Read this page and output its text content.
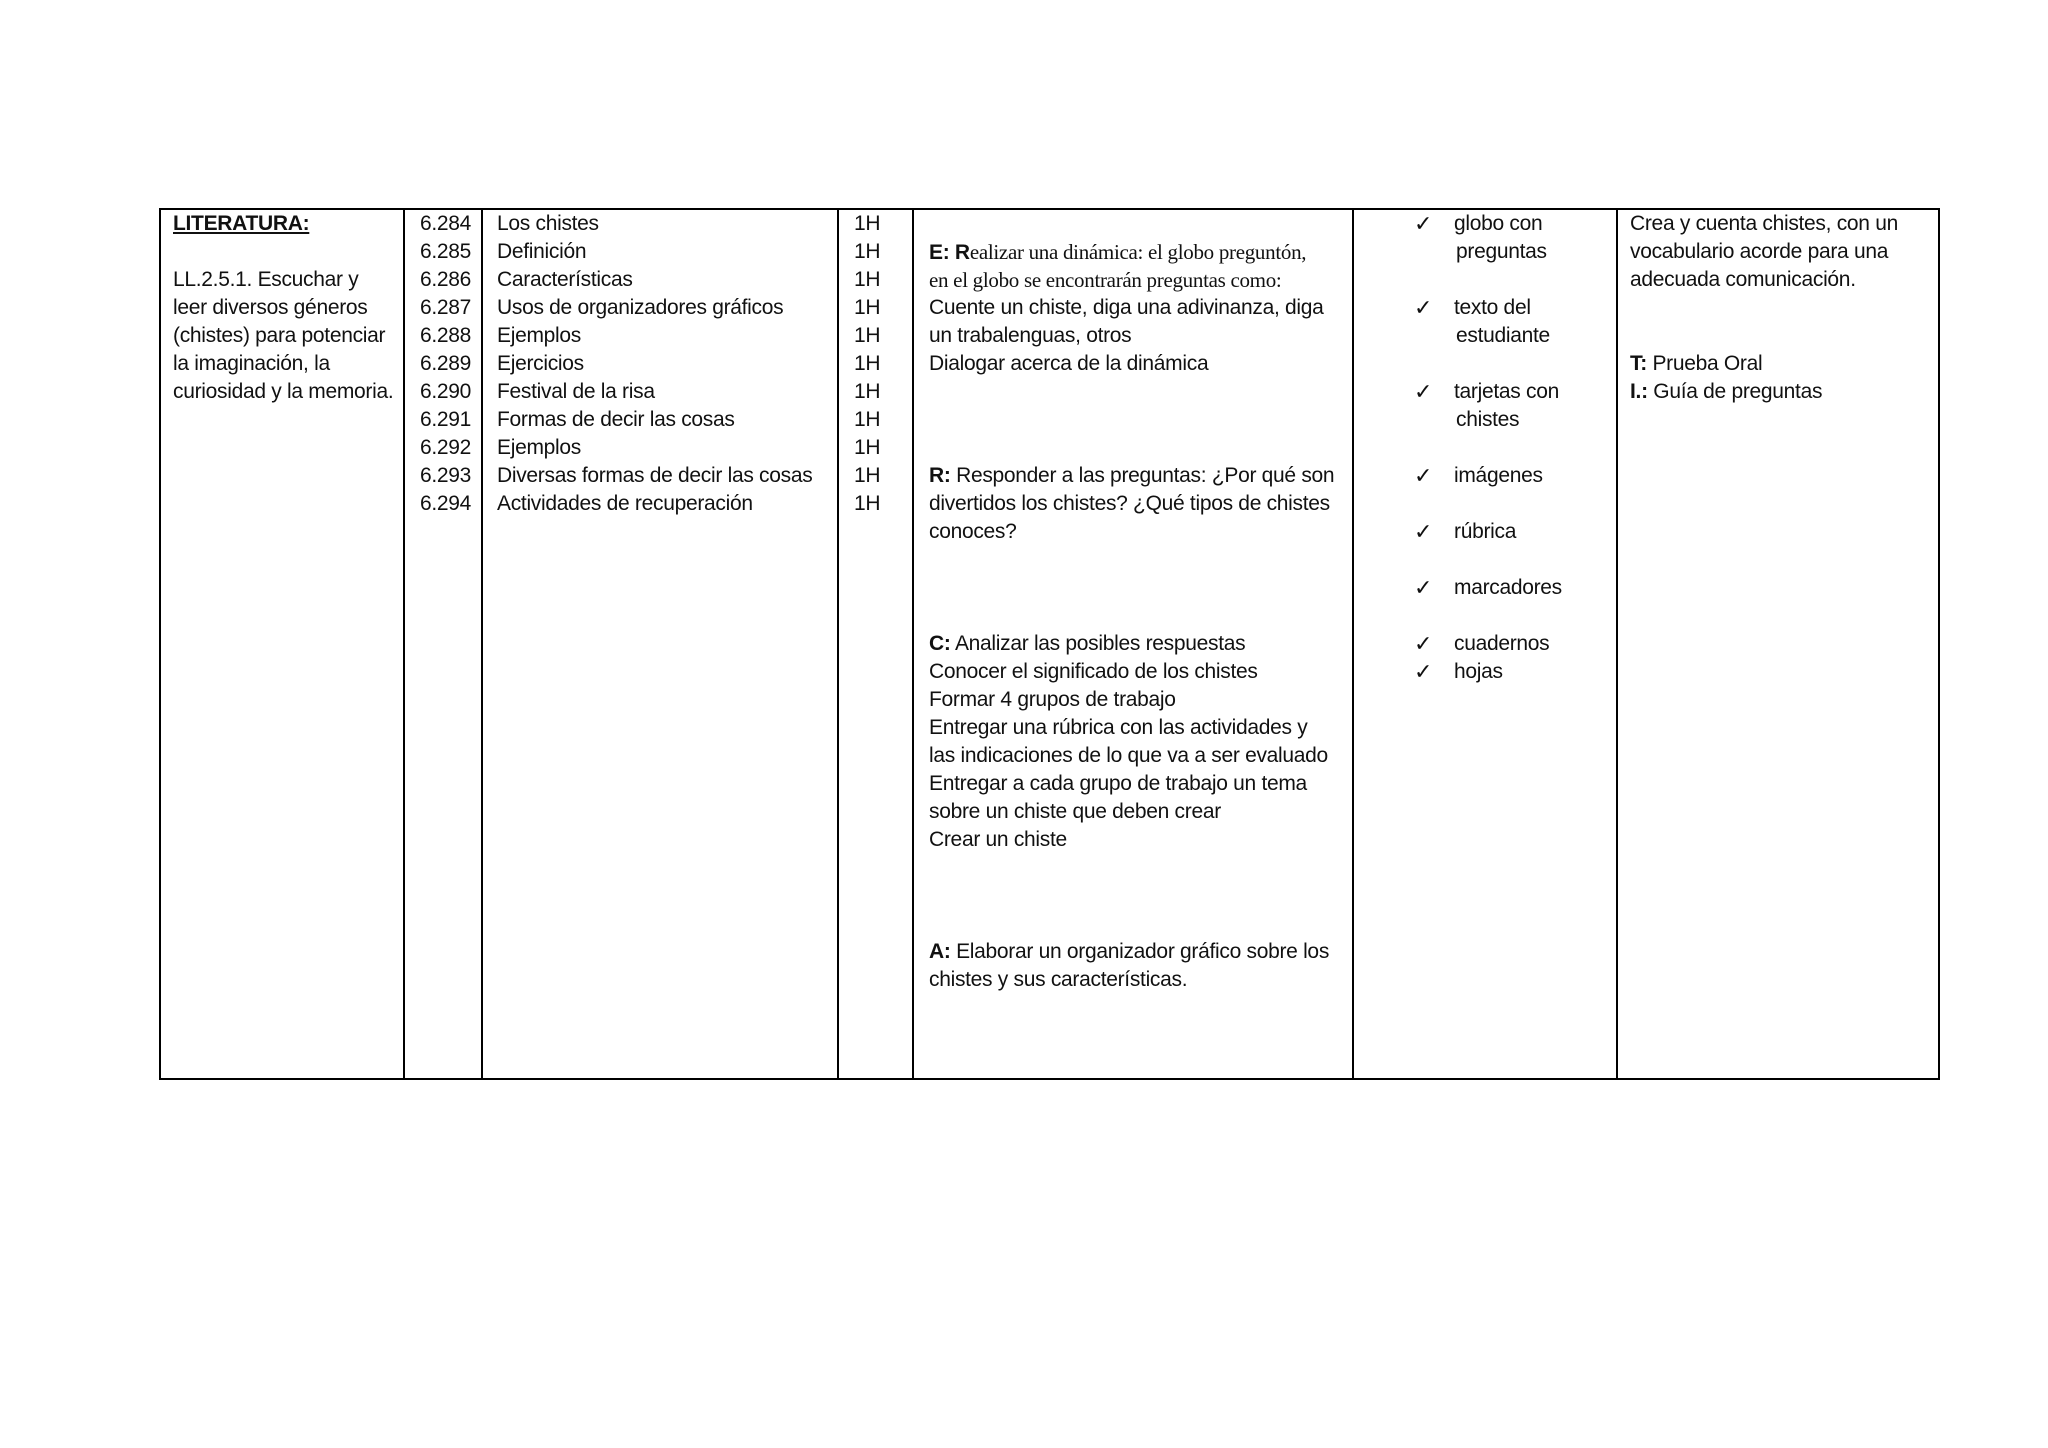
LITERATURA:
LL.2.5.1. Escuchar y
leer diversos géneros
(chistes) para potenciar
la imaginación, la
curiosidad y la memoria.
6.284
6.285
6.286
6.287
6.288
6.289
6.290
6.291
6.292
6.293
6.294
Los chistes
Definición
Características
Usos de organizadores gráficos
Ejemplos
Ejercicios
Festival de la risa
Formas de decir las cosas
Ejemplos
Diversas formas de decir las cosas
Actividades de recuperación
1H
1H
1H
1H
1H
1H
1H
1H
1H
1H
1H
E: Realizar una dinámica: el globo preguntón,
en el globo se encontrarán preguntas como:
Cuente un chiste, diga una adivinanza, diga
un trabalenguas, otros
Dialogar acerca de la dinámica
R: Responder a las preguntas: ¿Por qué son
divertidos los chistes? ¿Qué tipos de chistes
conoces?
C: Analizar las posibles respuestas
Conocer el significado de los chistes
Formar 4 grupos de trabajo
Entregar una rúbrica con las actividades y
las indicaciones de lo que va a ser evaluado
Entregar a cada grupo de trabajo un tema
sobre un chiste que deben crear
Crear un chiste
A: Elaborar un organizador gráfico sobre los
chistes y sus características.
✓ globo con
preguntas
✓ texto del
estudiante
✓ tarjetas con
chistes
✓ imágenes
✓ rúbrica
✓ marcadores
✓ cuadernos
✓ hojas
Crea y cuenta chistes, con un
vocabulario acorde para una
adecuada comunicación.
T: Prueba Oral
I.: Guía de preguntas
